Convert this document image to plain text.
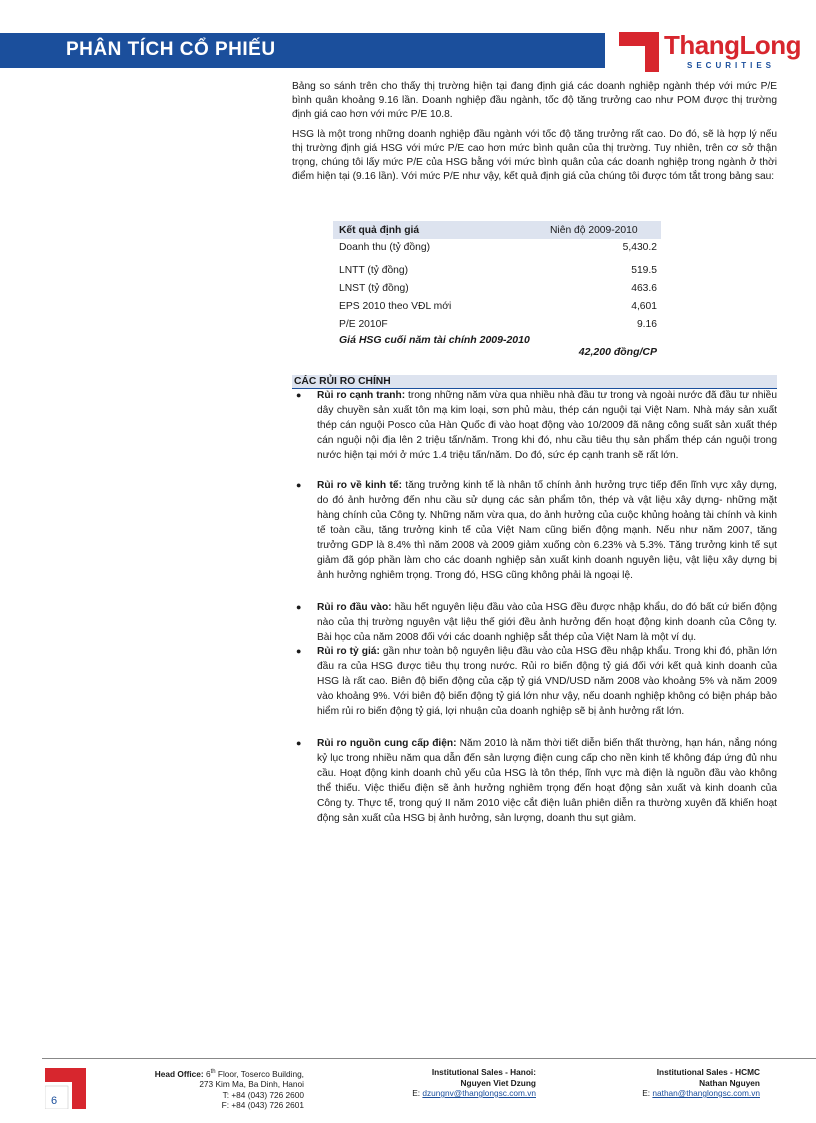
PHÂN TÍCH CỔ PHIẾU	ThangLong
SECURITIES
Bảng so sánh trên cho thấy thị trường hiện tại đang định giá các doanh nghiệp ngành thép với mức P/E bình quân khoảng 9.16 lần. Doanh nghiệp đầu ngành, tốc độ tăng trưởng cao như POM được thị trường định giá cao hơn với mức P/E 10.8.
HSG là một trong những doanh nghiệp đầu ngành với tốc độ tăng trưởng rất cao. Do đó, sẽ là hợp lý nếu thị trường định giá HSG với mức P/E cao hơn mức bình quân của thị trường. Tuy nhiên, trên cơ sở thận trọng, chúng tôi lấy mức P/E của HSG bằng với mức bình quân của các doanh nghiệp trong ngành ở thời điểm hiện tại (9.16 lần). Với mức P/E như vậy, kết quả định giá của chúng tôi được tóm tắt trong bảng sau:
Kết quả định giá	Niên độ 2009-2010
Doanh thu (tỷ đồng)	5,430.2
LNTT (tỷ đồng)	519.5
LNST (tỷ đồng)	463.6
EPS 2010 theo VĐL mới	4,601
P/E 2010F	9.16
Giá HSG cuối năm tài chính 2009-2010
42,200 đồng/CP
CÁC RỦI RO CHÍNH
● Rủi ro cạnh tranh: trong những năm vừa qua nhiều nhà đầu tư trong và ngoài nước đã đầu tư nhiều dây chuyền sản xuất tôn mạ kim loại, sơn phủ màu, thép cán nguội tại Việt Nam. Nhà máy sản xuất thép cán nguội Posco của Hàn Quốc đi vào hoạt động vào 10/2009 đã nâng công suất sản xuất thép cán nguội nội địa lên 2 triệu tấn/năm. Trong khi đó, nhu cầu tiêu thụ sản phẩm thép cán nguội trong nước hiện tại mới ở mức 1.4 triệu tấn/năm. Do đó, sức ép cạnh tranh sẽ rất lớn.
● Rủi ro về kinh tế: tăng trưởng kinh tế là nhân tố chính ảnh hưởng trực tiếp đến lĩnh vực xây dựng, do đó ảnh hưởng đến nhu cầu sử dụng các sản phẩm tôn, thép và vật liệu xây dựng- những mặt hàng chính của Công ty. Những năm vừa qua, do ảnh hưởng của cuộc khủng hoảng tài chính và kinh tế toàn cầu, tăng trưởng kinh tế của Việt Nam cũng biến động mạnh. Nếu như năm 2007, tăng trưởng GDP là 8.4% thì năm 2008 và 2009 giảm xuống còn 6.23% và 5.3%. Tăng trưởng kinh tế sụt giảm đã góp phần làm cho các doanh nghiệp sản xuất kinh doanh nguyên liệu, vật liệu xây dựng bị ảnh hưởng nghiêm trọng. Trong đó, HSG cũng không phải là ngoại lệ.
● Rủi ro đầu vào: hầu hết nguyên liệu đầu vào của HSG đều được nhập khẩu, do đó bất cứ biến động nào của thị trường nguyên vật liệu thế giới đều ảnh hưởng đến hoạt động kinh doanh của Công ty. Bài học của năm 2008 đối với các doanh nghiệp sắt thép của Việt Nam là một ví dụ.
● Rủi ro tỷ giá: gần như toàn bộ nguyên liệu đầu vào của HSG đều nhập khẩu. Trong khi đó, phần lớn đầu ra của HSG được tiêu thụ trong nước. Rủi ro biến động tỷ giá đối với kết quả kinh doanh của HSG là rất cao. Biên độ biến động của cặp tỷ giá VND/USD năm 2008 vào khoảng 5% và năm 2009 vào khoảng 9%. Với biên độ biến động tỷ giá lớn như vậy, nếu doanh nghiệp không có biện pháp bảo hiểm rủi ro biến động tỷ giá, lợi nhuận của doanh nghiệp sẽ bị ảnh hưởng rất lớn.
● Rủi ro nguồn cung cấp điện: Năm 2010 là năm thời tiết diễn biến thất thường, hạn hán, nắng nóng kỷ lục trong nhiều năm qua dẫn đến sản lượng điện cung cấp cho nền kinh tế không đáp ứng đủ nhu cầu. Hoạt động kinh doanh chủ yếu của HSG là tôn thép, lĩnh vực mà điện là nguồn đầu vào không thể thiếu. Việc thiếu điện sẽ ảnh hưởng nghiêm trọng đến hoạt động sản xuất và kinh doanh của Công ty. Thực tế, trong quý II năm 2010 việc cắt điện luân phiên diễn ra thường xuyên đã khiến hoạt động sản xuất của HSG bị ảnh hưởng, sản lượng, doanh thu sụt giảm.
6
Head Office: 6th Floor, Toserco Building,
273 Kim Ma, Ba Dinh, Hanoi
T: +84 (043) 726 2600
F: +84 (043) 726 2601
Institutional Sales - Hanoi:
Nguyen Viet Dzung
E: dzungnv@thanglongsc.com.vn
Institutional Sales - HCMC
Nathan Nguyen
E: nathan@thanglongsc.com.vn
